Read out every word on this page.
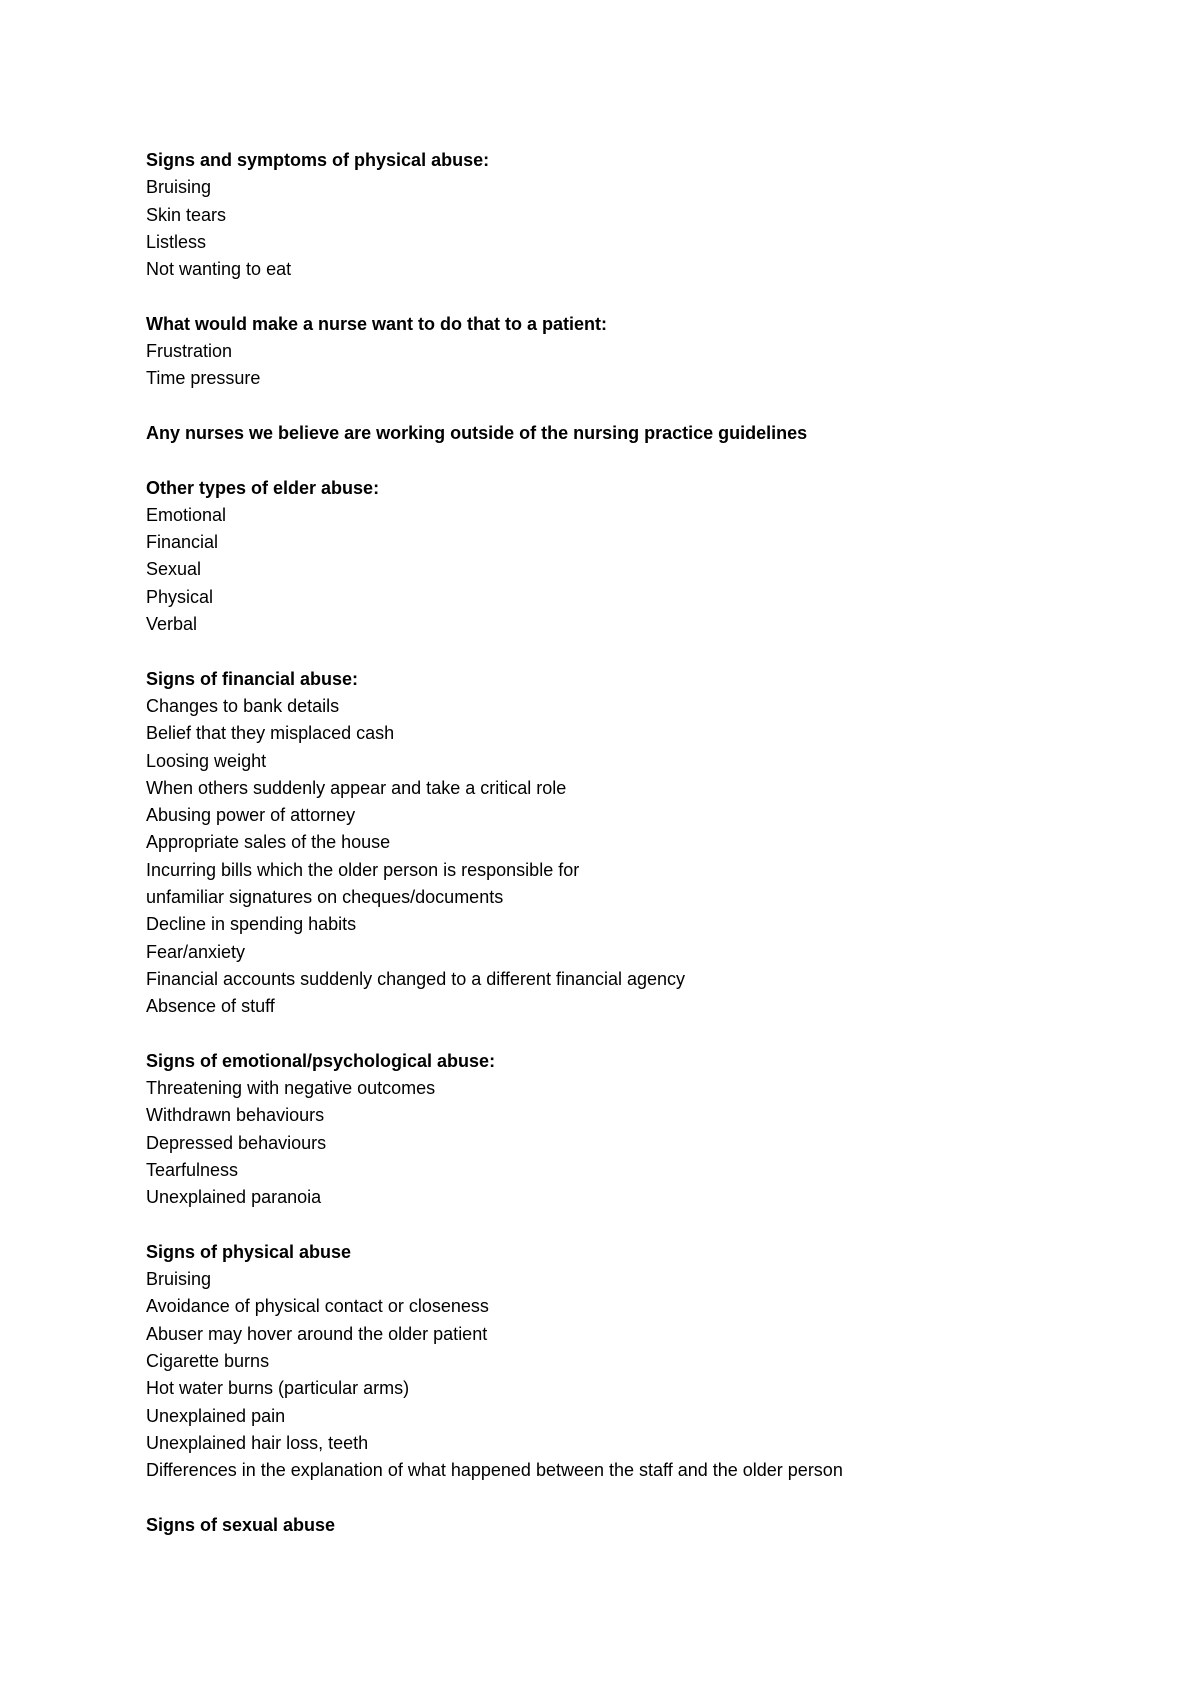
Signs and symptoms of physical abuse:
Bruising
Skin tears
Listless
Not wanting to eat
What would make a nurse want to do that to a patient:
Frustration
Time pressure
Any nurses we believe are working outside of the nursing practice guidelines
Other types of elder abuse:
Emotional
Financial
Sexual
Physical
Verbal
Signs of financial abuse:
Changes to bank details
Belief that they misplaced cash
Loosing weight
When others suddenly appear and take a critical role
Abusing power of attorney
Appropriate sales of the house
Incurring bills which the older person is responsible for
unfamiliar signatures on cheques/documents
Decline in spending habits
Fear/anxiety
Financial accounts suddenly changed to a different financial agency
Absence of stuff
Signs of emotional/psychological abuse:
Threatening with negative outcomes
Withdrawn behaviours
Depressed behaviours
Tearfulness
Unexplained paranoia
Signs of physical abuse
Bruising
Avoidance of physical contact or closeness
Abuser may hover around the older patient
Cigarette burns
Hot water burns (particular arms)
Unexplained pain
Unexplained hair loss, teeth
Differences in the explanation of what happened between the staff and the older person
Signs of sexual abuse
